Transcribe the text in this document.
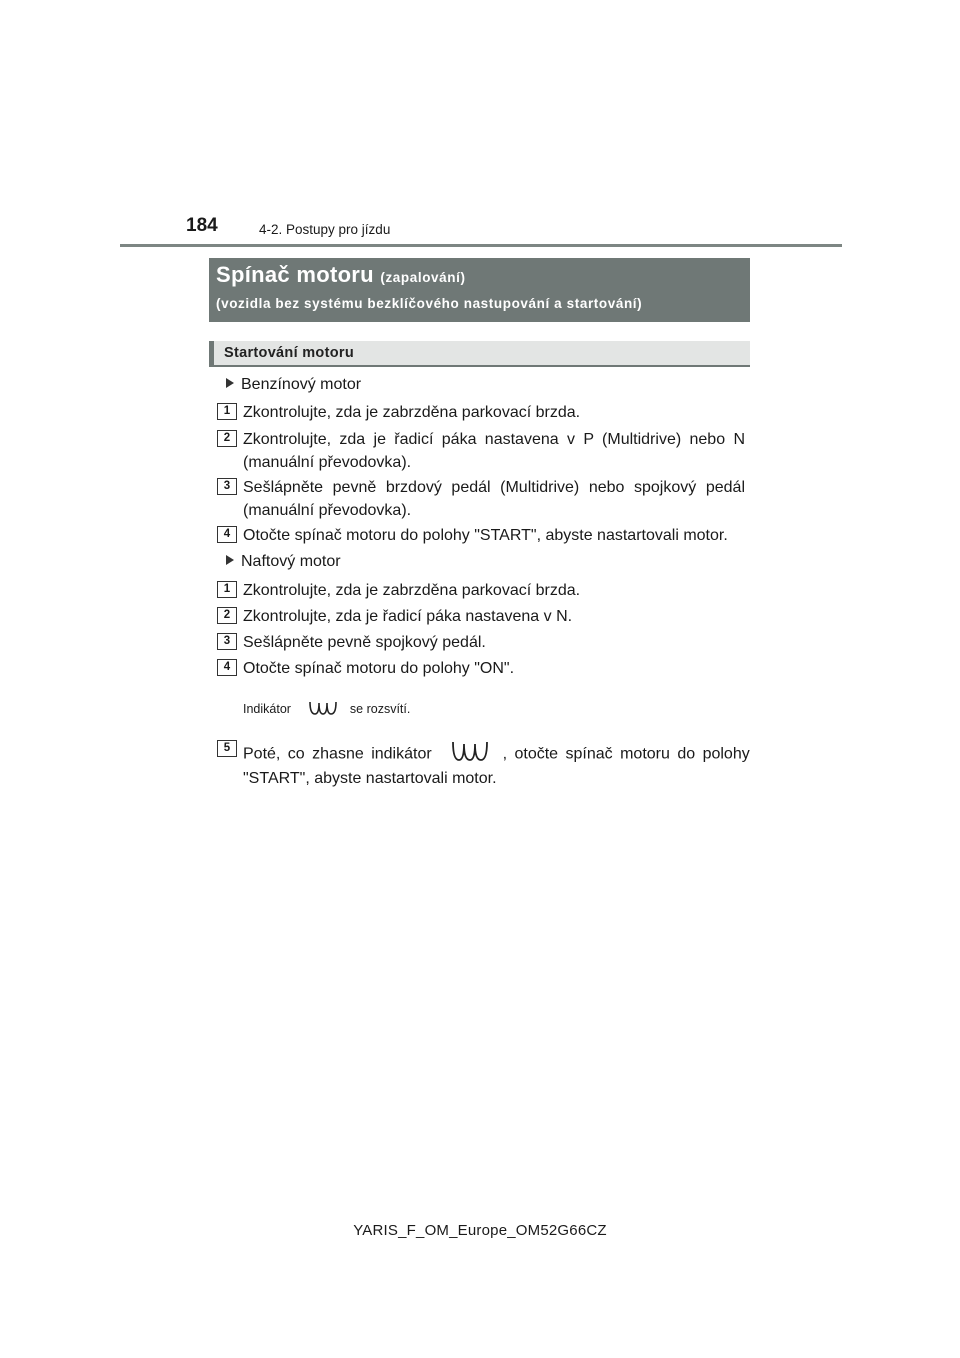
184	4-2. Postupy pro jízdu
Spínač motoru (zapalování)
(vozidla bez systému bezklíčového nastupování a startování)
Startování motoru
Benzínový motor
1 Zkontrolujte, zda je zabrzděna parkovací brzda.
2 Zkontrolujte, zda je řadicí páka nastavena v P (Multidrive) nebo N (manuální převodovka).
3 Sešlápněte pevně brzdový pedál (Multidrive) nebo spojkový pedál (manuální převodovka).
4 Otočte spínač motoru do polohy "START", abyste nastartovali motor.
Naftový motor
1 Zkontrolujte, zda je zabrzděna parkovací brzda.
2 Zkontrolujte, zda je řadicí páka nastavena v N.
3 Sešlápněte pevně spojkový pedál.
4 Otočte spínač motoru do polohy "ON".
Indikátor	se rozsvítí.
5 Poté, co zhasne indikátor	, otočte spínač motoru do polohy
"START", abyste nastartovali motor.
YARIS_F_OM_Europe_OM52G66CZ
